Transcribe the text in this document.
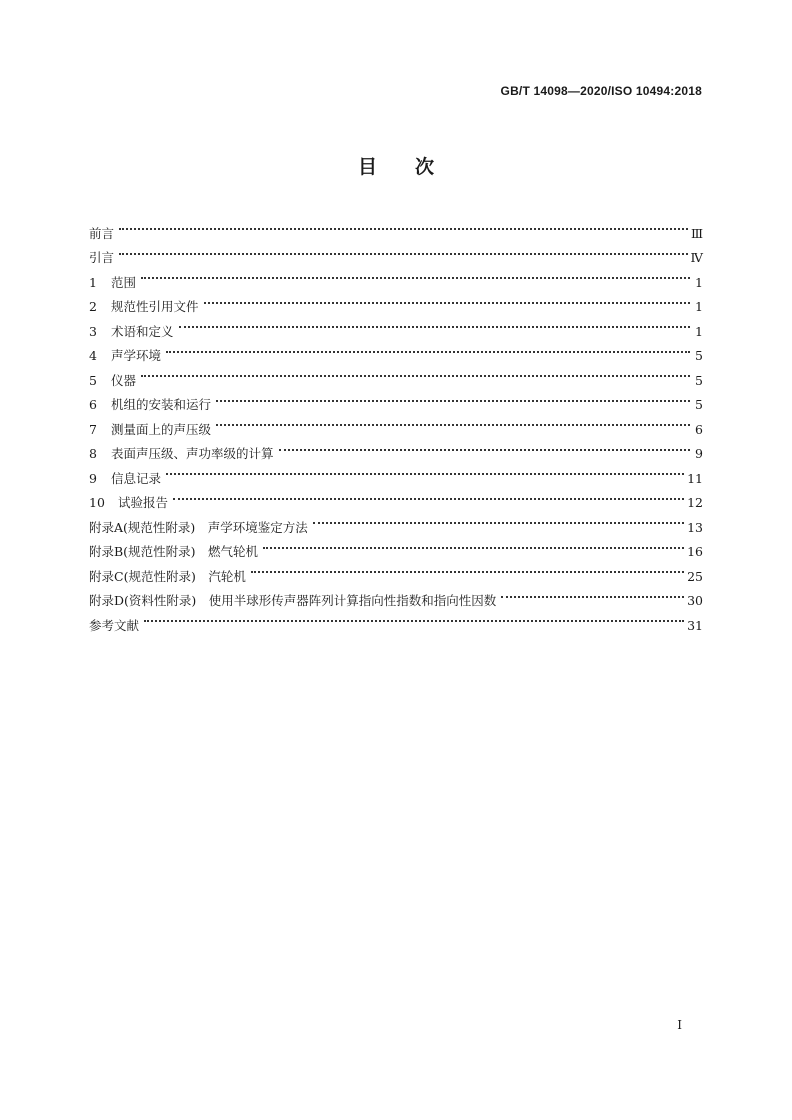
GB/T 14098—2020/ISO 10494:2018
目次
前言	Ⅲ
引言	Ⅳ
1	范围	1
2	规范性引用文件	1
3	术语和定义	1
4	声学环境	5
5	仪器	5
6	机组的安装和运行	5
7	测量面上的声压级	6
8	表面声压级、声功率级的计算	9
9	信息记录	11
10	试验报告	12
附录A(规范性附录)　声学环境鉴定方法	13
附录B(规范性附录)　燃气轮机	16
附录C(规范性附录)　汽轮机	25
附录D(资料性附录)　使用半球形传声器阵列计算指向性指数和指向性因数	30
参考文献	31
Ⅰ
